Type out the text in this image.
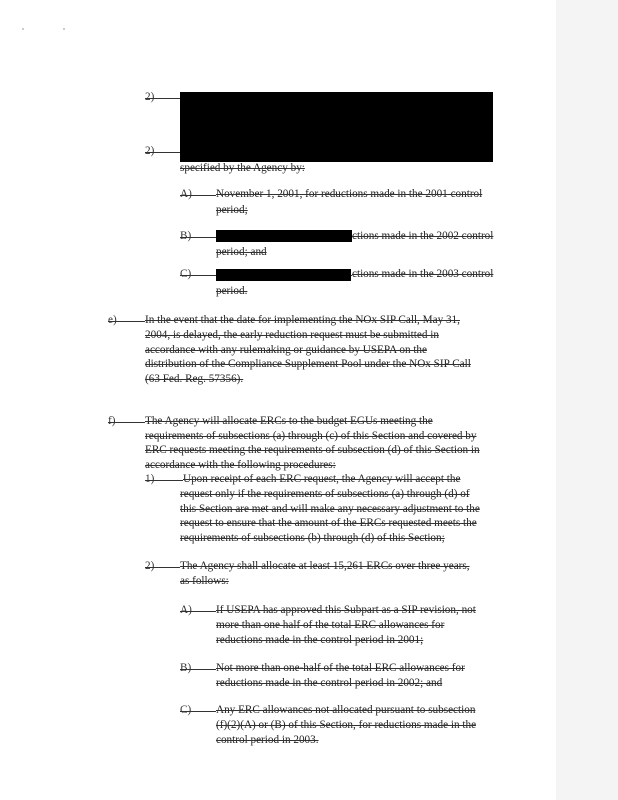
2)
2)
specified by the Agency by:
A)	November 1, 2001, for reductions made in the 2001 control
period;
B)	ctions made in the 2002 control
period; and
C)	ctions made in the 2003 control
period.
e)	In the event that the date for implementing the NOx SIP Call, May 31,
2004, is delayed, the early reduction request must be submitted in
accordance with any rulemaking or guidance by USEPA on the
distribution of the Compliance Supplement Pool under the NOx SIP Call
(63 Fed. Reg. 57356).
f)	The Agency will allocate ERCs to the budget EGUs meeting the
requirements of subsections (a) through (c) of this Section and covered by
ERC requests meeting the requirements of subsection (d) of this Section in
accordance with the following procedures:
1)	Upon receipt of each ERC request, the Agency will accept the
request only if the requirements of subsections (a) through (d) of
this Section are met and will make any necessary adjustment to the
request to ensure that the amount of the ERCs requested meets the
requirements of subsections (b) through (d) of this Section;
2)	The Agency shall allocate at least 15,261 ERCs over three years,
as follows:
A)	If USEPA has approved this Subpart as a SIP revision, not
more than one half of the total ERC allowances for
reductions made in the control period in 2001;
B)	Not more than one-half of the total ERC allowances for
reductions made in the control period in 2002; and
C)	Any ERC allowances not allocated pursuant to subsection
(f)(2)(A) or (B) of this Section, for reductions made in the
control period in 2003.
